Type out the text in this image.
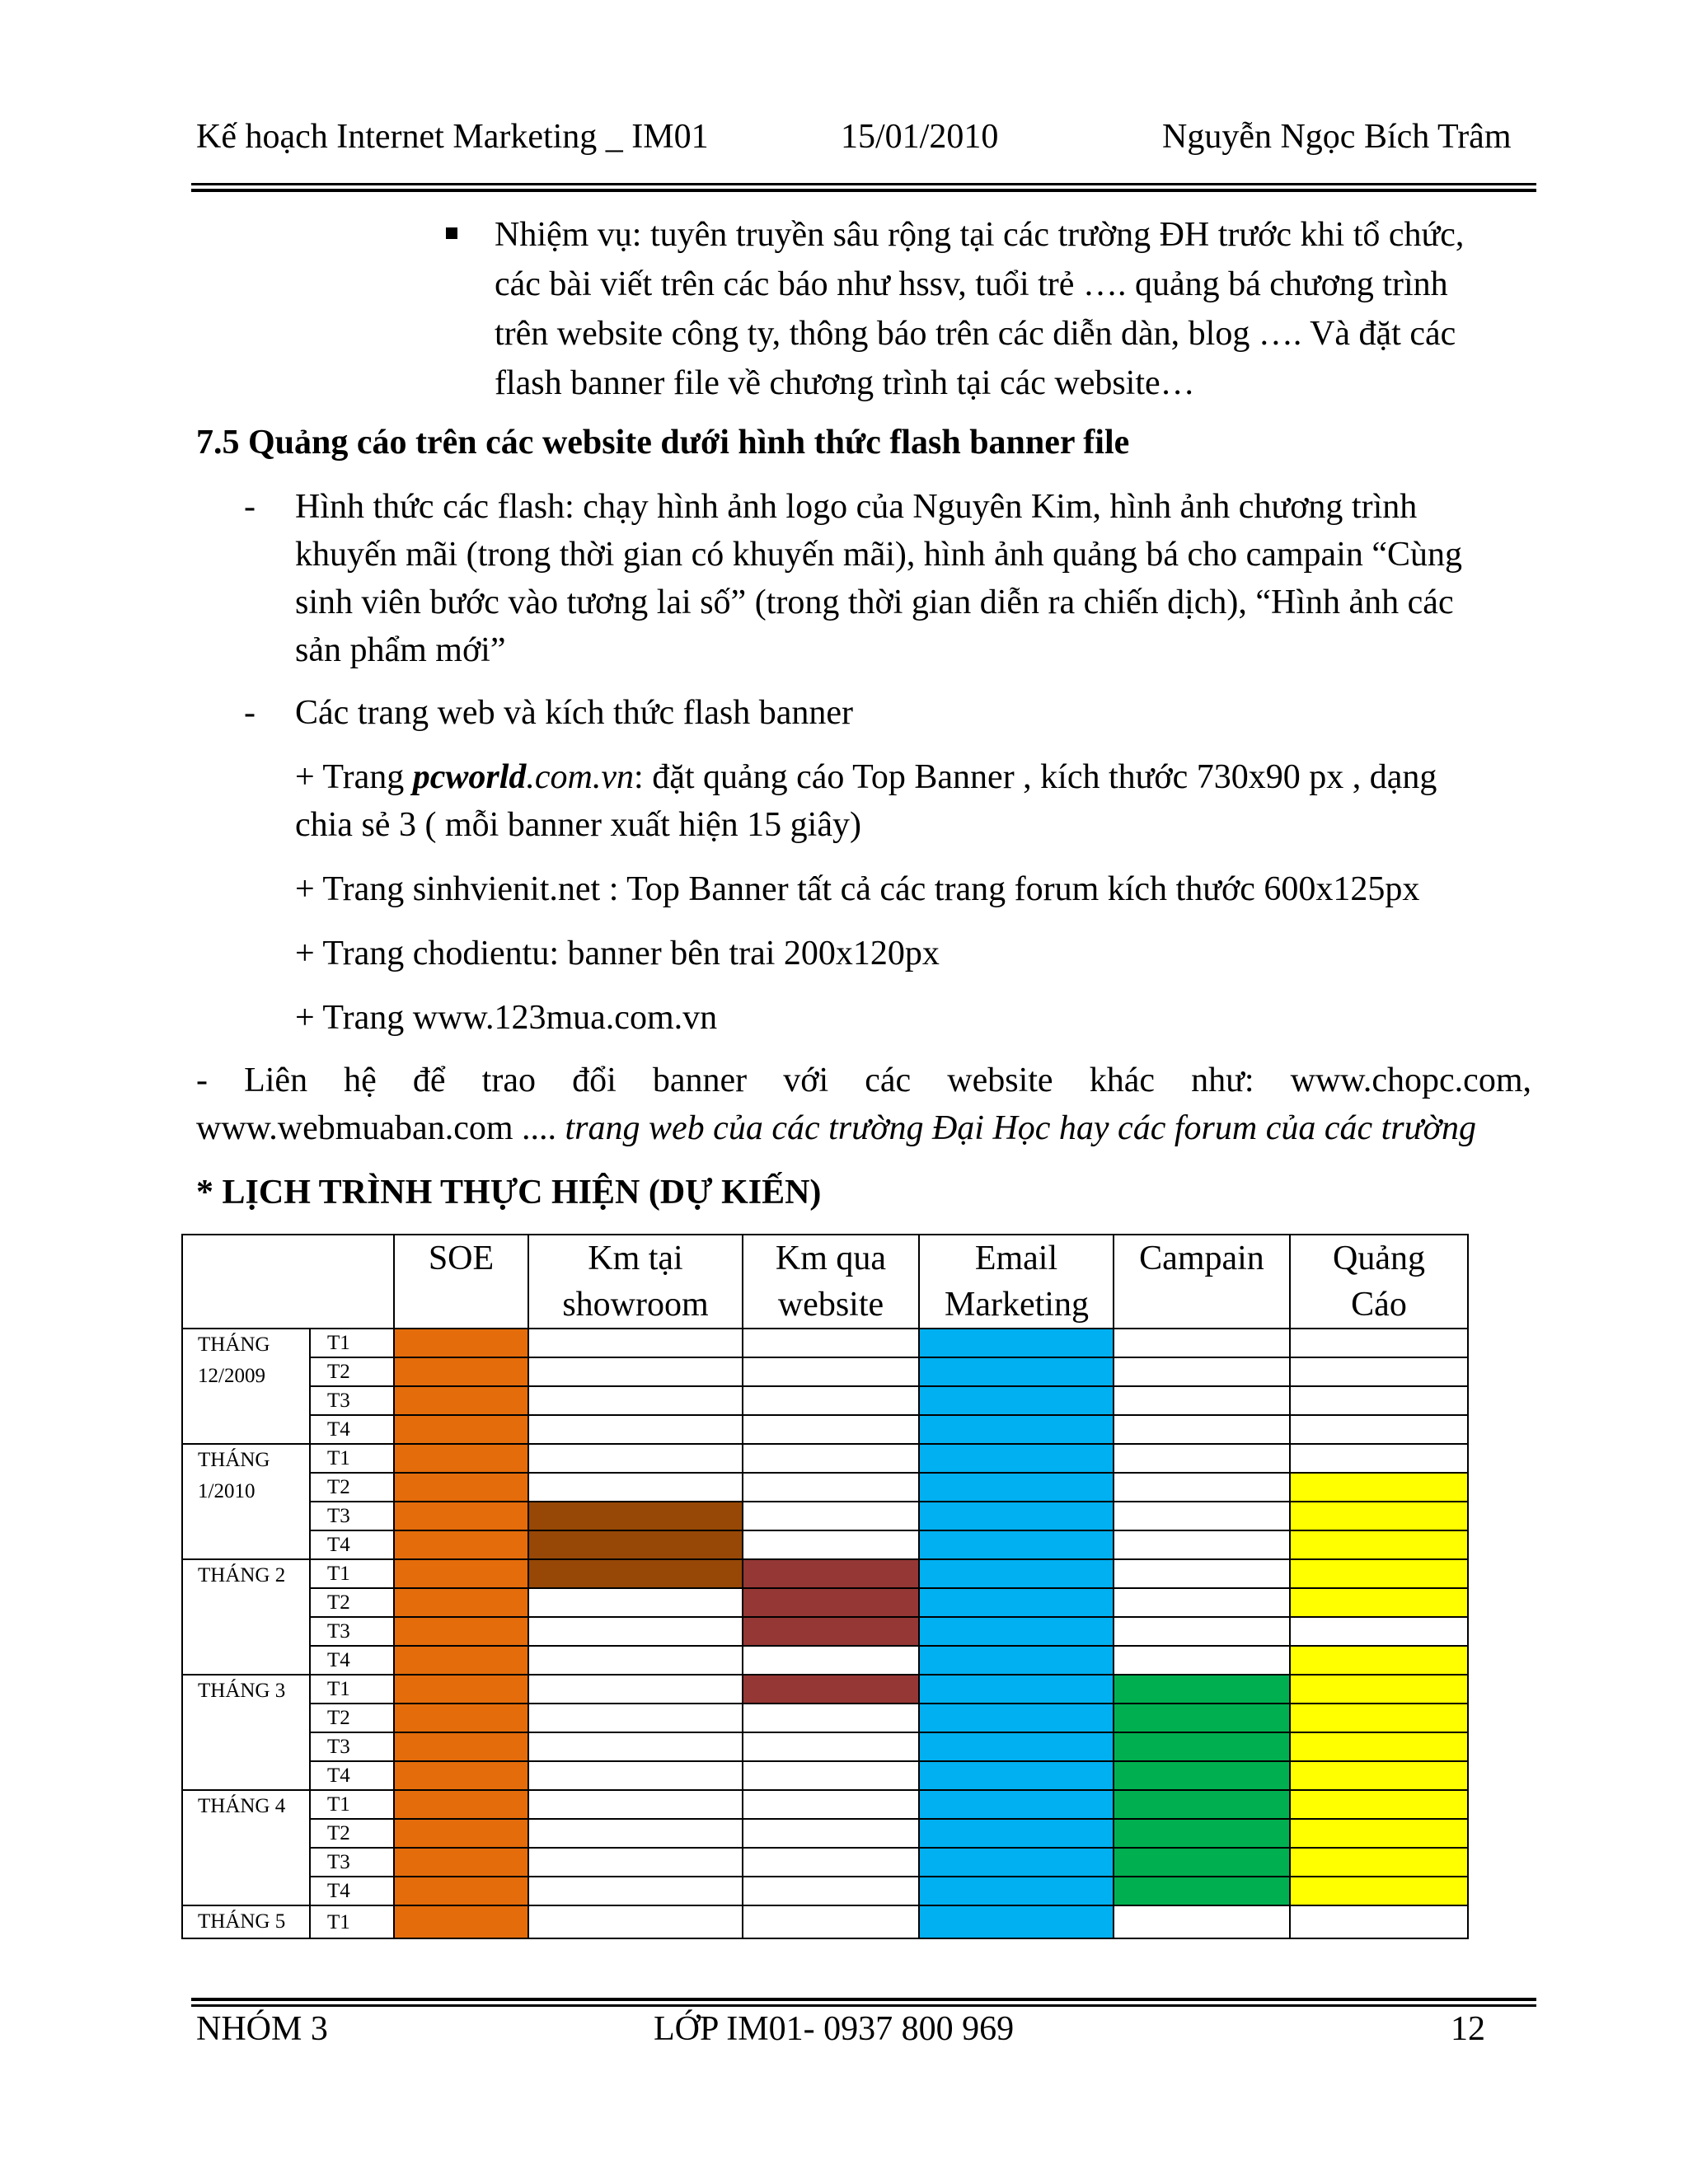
Kế hoạch Internet Marketing _ IM01	15/01/2010	Nguyễn Ngọc Bích Trâm
Nhiệm vụ: tuyên truyền sâu rộng tại các trường ĐH trước khi tổ chức,
các bài viết trên các báo như hssv, tuổi trẻ …. quảng bá chương trình
trên website công ty, thông báo trên các diễn dàn, blog …. Và đặt các
flash banner file về chương trình tại các website…
7.5 Quảng cáo trên các website dưới hình thức flash banner file
- Hình thức các flash: chạy hình ảnh logo của Nguyên Kim, hình ảnh chương trình
khuyến mãi (trong thời gian có khuyến mãi), hình ảnh quảng bá cho campain “Cùng
sinh viên bước vào tương lai số” (trong thời gian diễn ra chiến dịch), “Hình ảnh các
sản phẩm mới”
- Các trang web và kích thức flash banner
+ Trang pcworld.com.vn: đặt quảng cáo Top Banner , kích thước 730x90 px , dạng
chia sẻ 3 ( mỗi banner xuất hiện 15 giây)
+ Trang sinhvienit.net : Top Banner tất cả các trang forum kích thước 600x125px
+ Trang chodientu: banner bên trai 200x120px
+ Trang www.123mua.com.vn
- Liên hệ để trao đổi banner với các website khác như: www.chopc.com,
www.webmuaban.com .... trang web của các trường Đại Học hay các forum của các trường
* LỊCH TRÌNH THỰC HIỆN (DỰ KIẾN)
		SOE	Km tại showroom	Km qua website	Email Marketing	Campain	Quảng Cáo
THÁNG 12/2009	T1						
	T2						
	T3						
	T4						
THÁNG 1/2010	T1						
	T2						
	T3						
	T4						
THÁNG 2	T1						
	T2						
	T3						
	T4						
THÁNG 3	T1						
	T2						
	T3						
	T4						
THÁNG 4	T1						
	T2						
	T3						
	T4						
THÁNG 5	T1						
NHÓM 3	LỚP IM01- 0937 800 969	12
